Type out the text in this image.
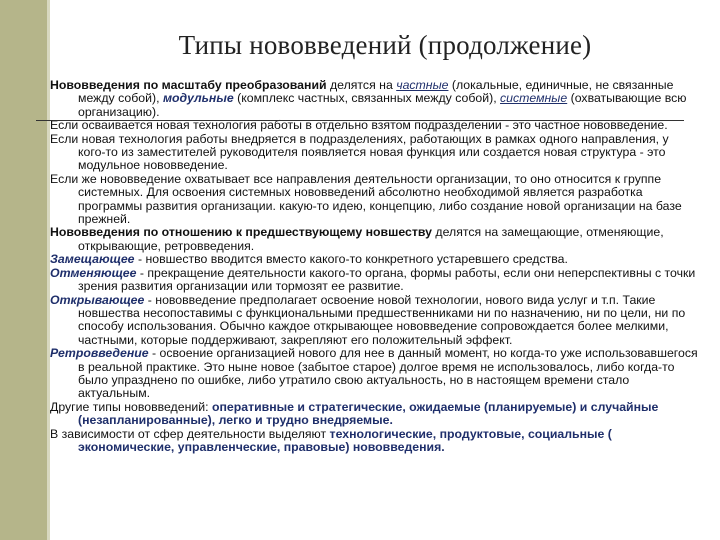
Типы нововведений (продолжение)

Нововведения по масштабу преобразований делятся на частные (локальные, единичные, не связанные между собой), модульные (комплекс частных, связанных между собой), системные (охватывающие всю организацию).

Если осваивается новая технология работы в отдельно взятом подразделении - это частное нововведение.

Если новая технология работы внедряется в подразделениях, работающих в рамках одного направления, у кого-то из заместителей руководителя появляется новая функция или создается новая структура - это модульное нововведение.

Если же нововведение охватывает все направления деятельности организации, то оно относится к группе системных. Для освоения системных нововведений абсолютно необходимой является разработка программы развития организации. какую-то идею, концепцию, либо создание новой организации на базе прежней.

Нововведения по отношению к предшествующему новшеству делятся на замещающие, отменяющие, открывающие, ретровведения.

Замещающее - новшество вводится вместо какого-то конкретного устаревшего средства.

Отменяющее - прекращение деятельности какого-то органа, формы работы, если они неперспективны с точки зрения развития организации или тормозят ее развитие.

Открывающее - нововведение предполагает освоение новой технологии, нового вида услуг и т.п. Такие новшества несопоставимы с функциональными предшественниками ни по назначению, ни по цели, ни по способу использования. Обычно каждое открывающее нововведение сопровождается более мелкими, частными, которые поддерживают, закрепляют его положительный эффект.

Ретровведение - освоение организацией нового для нее в данный момент, но когда-то уже использовавшегося в реальной практике. Это ныне новое (забытое старое) долгое время не использовалось, либо когда-то было упразднено по ошибке, либо утратило свою актуальность, но в настоящем времени стало актуальным.

Другие типы нововведений: оперативные и стратегические, ожидаемые (планируемые) и случайные (незапланированные), легко и трудно внедряемые.

В зависимости от сфер деятельности выделяют технологические, продуктовые, социальные ( экономические, управленческие, правовые) нововведения.
